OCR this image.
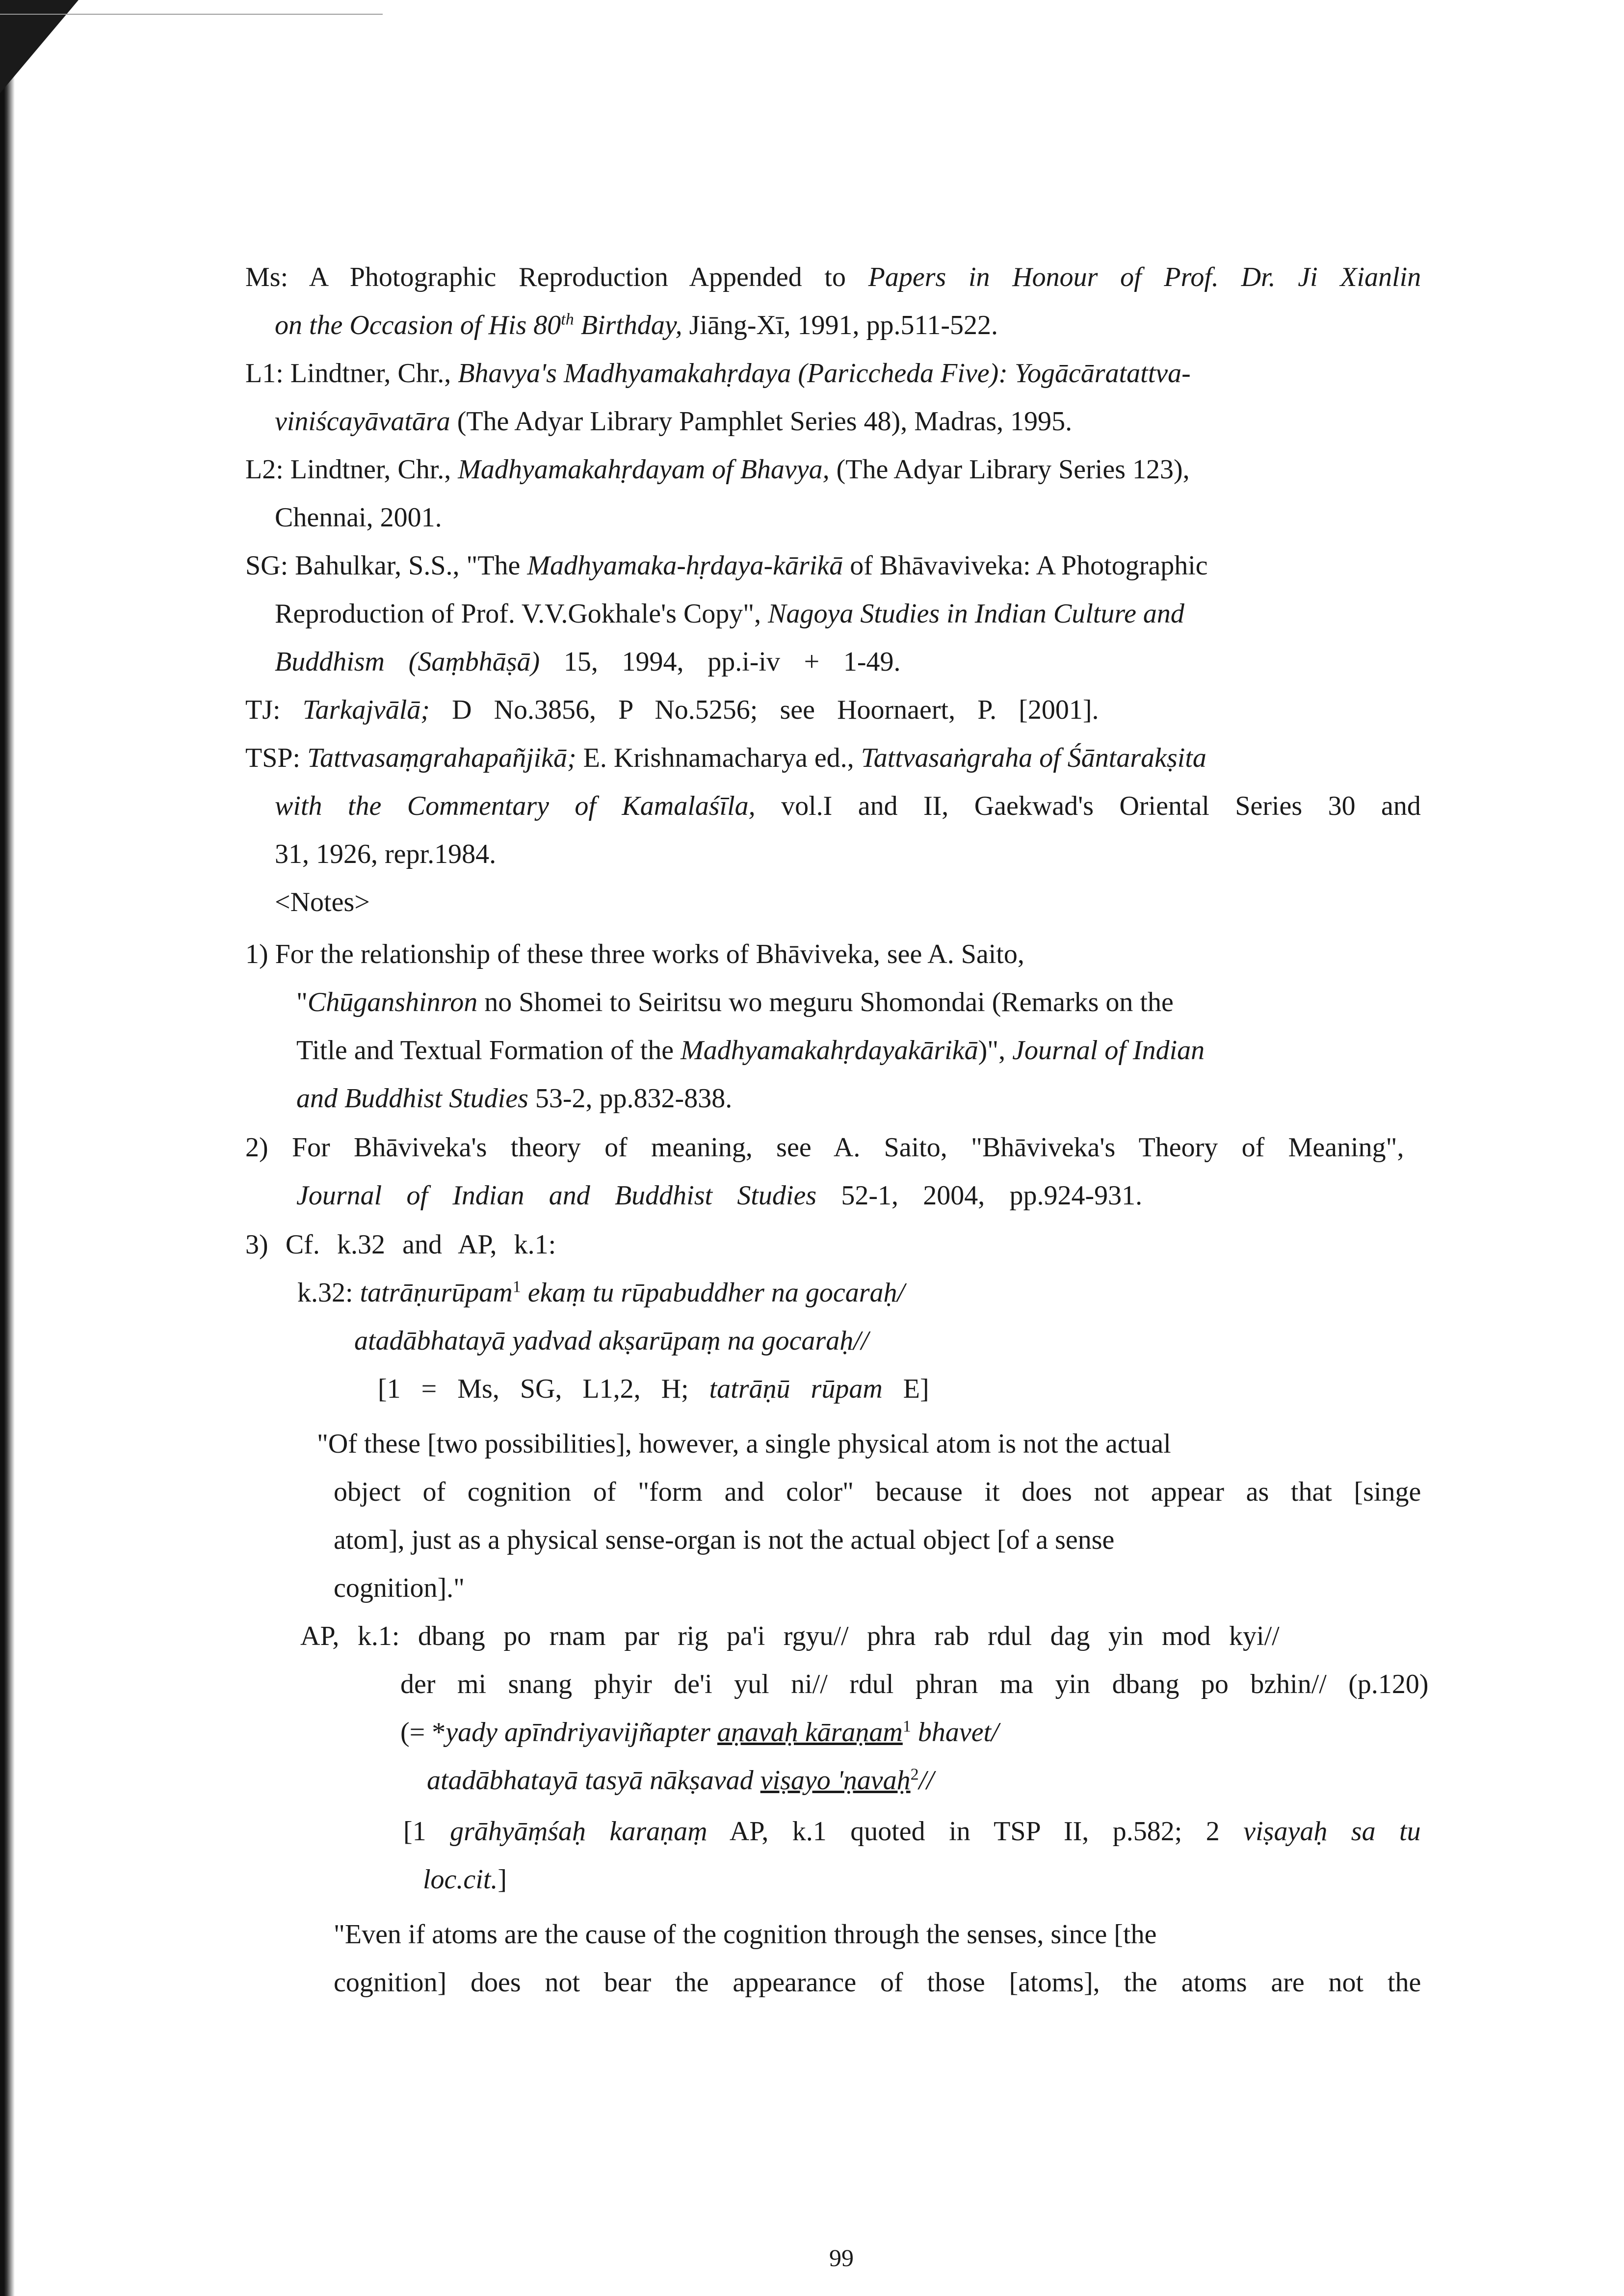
Ms: A Photographic Reproduction Appended to Papers in Honour of Prof. Dr. Ji Xianlin
on the Occasion of His 80th Birthday, Jiāng-Xī, 1991, pp.511-522.
L1: Lindtner, Chr., Bhavya's Madhyamakahṛdaya (Pariccheda Five): Yogācāratattva-
viniścayāvatāra (The Adyar Library Pamphlet Series 48), Madras, 1995.
L2: Lindtner, Chr., Madhyamakahṛdayam of Bhavya, (The Adyar Library Series 123),
Chennai, 2001.
SG: Bahulkar, S.S., "The Madhyamaka-hṛdaya-kārikā of Bhāvaviveka: A Photographic
Reproduction of Prof. V.V.Gokhale's Copy", Nagoya Studies in Indian Culture and
Buddhism (Saṃbhāṣā) 15, 1994, pp.i-iv + 1-49.
TJ: Tarkajvālā; D No.3856, P No.5256; see Hoornaert, P. [2001].
TSP: Tattvasaṃgrahapañjikā; E. Krishnamacharya ed., Tattvasaṅgraha of Śāntarakṣita
with the Commentary of Kamalaśīla, vol.I and II, Gaekwad's Oriental Series 30 and
31, 1926, repr.1984.
<Notes>
1) For the relationship of these three works of Bhāviveka, see A. Saito,
"Chūganshinron no Shomei to Seiritsu wo meguru Shomondai (Remarks on the
Title and Textual Formation of the Madhyamakahṛdayakārikā)", Journal of Indian
and Buddhist Studies 53-2, pp.832-838.
2) For Bhāviveka's theory of meaning, see A. Saito, "Bhāviveka's Theory of Meaning",
Journal of Indian and Buddhist Studies 52-1, 2004, pp.924-931.
3) Cf. k.32 and AP, k.1:
k.32: tatrāṇurūpam$^1$ ekaṃ tu rūpabuddher na gocaraḥ/
atadābhatayā yadvad akṣarūpaṃ na gocaraḥ//
[1 = Ms, SG, L1,2, H; tatrāṇū rūpam E]
"Of these [two possibilities], however, a single physical atom is not the actual
object of cognition of "form and color" because it does not appear as that [singe
atom], just as a physical sense-organ is not the actual object [of a sense
cognition]."
AP, k.1: dbang po rnam par rig pa'i rgyu// phra rab rdul dag yin mod kyi//
der mi snang phyir de'i yul ni// rdul phran ma yin dbang po bzhin// (p.120)
(= *yady apīndriyavijñapter aṇavaḥ kāraṇam$^1$ bhavet/
atadābhatayā tasyā nākṣavad viṣayo 'ṇavaḥ$^2$//
[1 grāhyāṃśaḥ karaṇaṃ AP, k.1 quoted in TSP II, p.582; 2 viṣayaḥ sa tu
loc.cit.]
"Even if atoms are the cause of the cognition through the senses, since [the
cognition] does not bear the appearance of those [atoms], the atoms are not the
99
